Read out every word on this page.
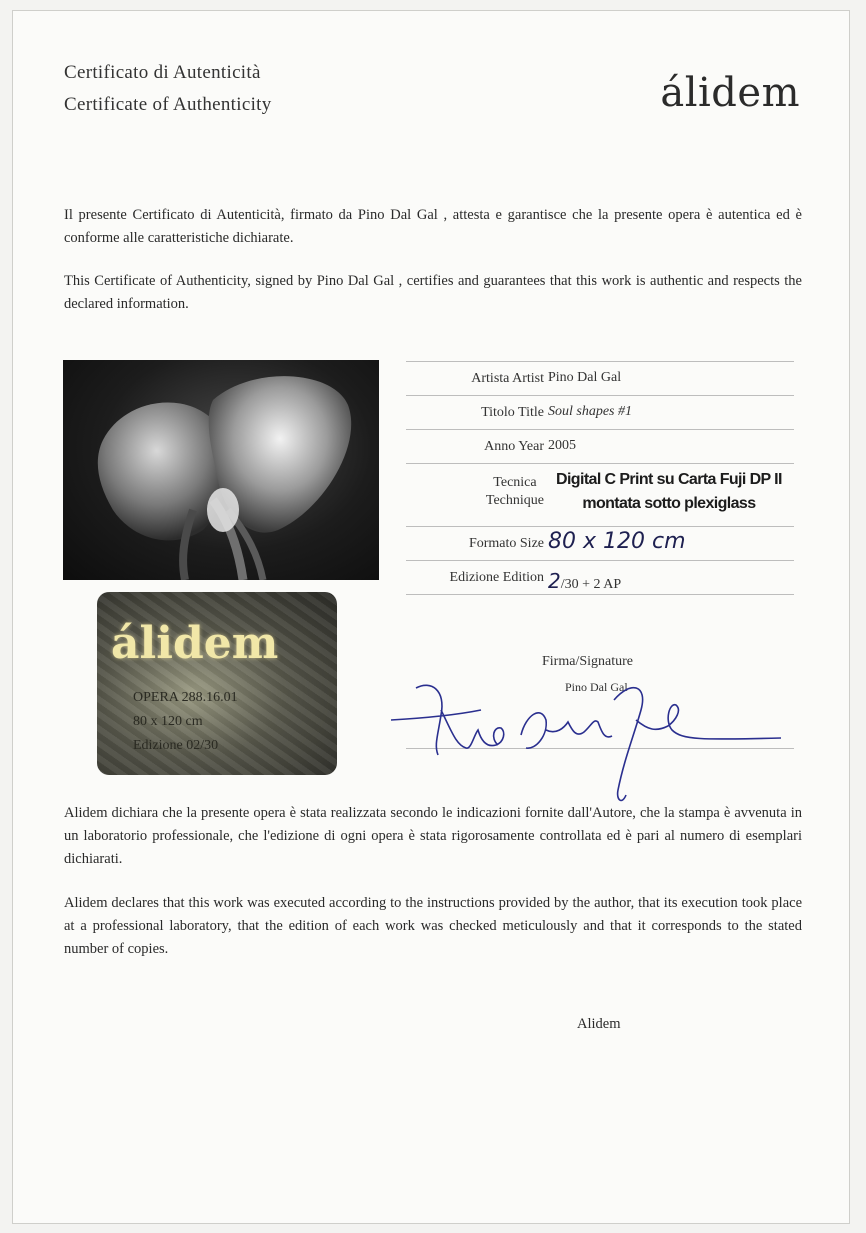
Certificato di Autenticità
Certificate of Authenticity	álidem

Il presente Certificato di Autenticità, firmato da Pino Dal Gal , attesta e garantisce che la presente opera è autentica ed è conforme alle caratteristiche dichiarate.

This Certificate of Authenticity, signed by Pino Dal Gal , certifies and guarantees that this work is authentic and respects the declared information.

álidem
OPERA 288.16.01
80 x 120 cm
Edizione 02/30
Artista Artist Pino Dal Gal
Titolo Title Soul shapes #1
Anno Year 2005
Tecnica
Technique
Digital C Print su Carta Fuji DP II
montata sotto plexiglass
Formato Size 80 x 120 cm
Edizione Edition 2/30 + 2 AP
Firma/Signature
Pino Dal Gal

Alidem dichiara che la presente opera è stata realizzata secondo le indicazioni fornite dall'Autore, che la stampa è avvenuta in un laboratorio professionale, che l'edizione di ogni opera è stata rigorosamente controllata ed è pari al numero di esemplari dichiarati.

Alidem declares that this work was executed according to the instructions provided by the author, that its execution took place at a professional laboratory, that the edition of each work was checked meticulously and that it corresponds to the stated number of copies.

Alidem
